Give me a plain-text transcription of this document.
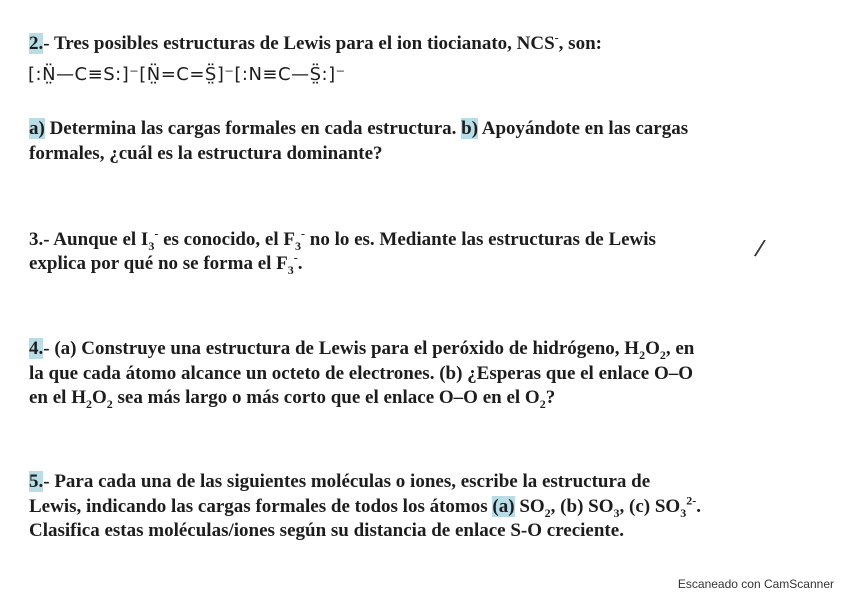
2.- Tres posibles estructuras de Lewis para el ion tiocianato, NCS-, son:
[:N̤̈—C≡S:]⁻[N̤̈=C=S̤̈]⁻[:N≡C—S̤̈:]⁻
a) Determina las cargas formales en cada estructura. b) Apoyándote en las cargas
formales, ¿cuál es la estructura dominante?
3.- Aunque el $I_3^-$ es conocido, el $F_3^-$ no lo es. Mediante las estructuras de Lewis
explica por qué no se forma el $F_3^-$.
/
4.- (a) Construye una estructura de Lewis para el peróxido de hidrógeno, $H_2O_2$, en
la que cada átomo alcance un octeto de electrones. (b) ¿Esperas que el enlace O–O
en el $H_2O_2$ sea más largo o más corto que el enlace O–O en el $O_2$?
5.- Para cada una de las siguientes moléculas o iones, escribe la estructura de
Lewis, indicando las cargas formales de todos los átomos (a) $SO_2$, (b) $SO_3$, (c) $SO_3^{2-}$.
Clasifica estas moléculas/iones según su distancia de enlace S-O creciente.
Escaneado con CamScanner
